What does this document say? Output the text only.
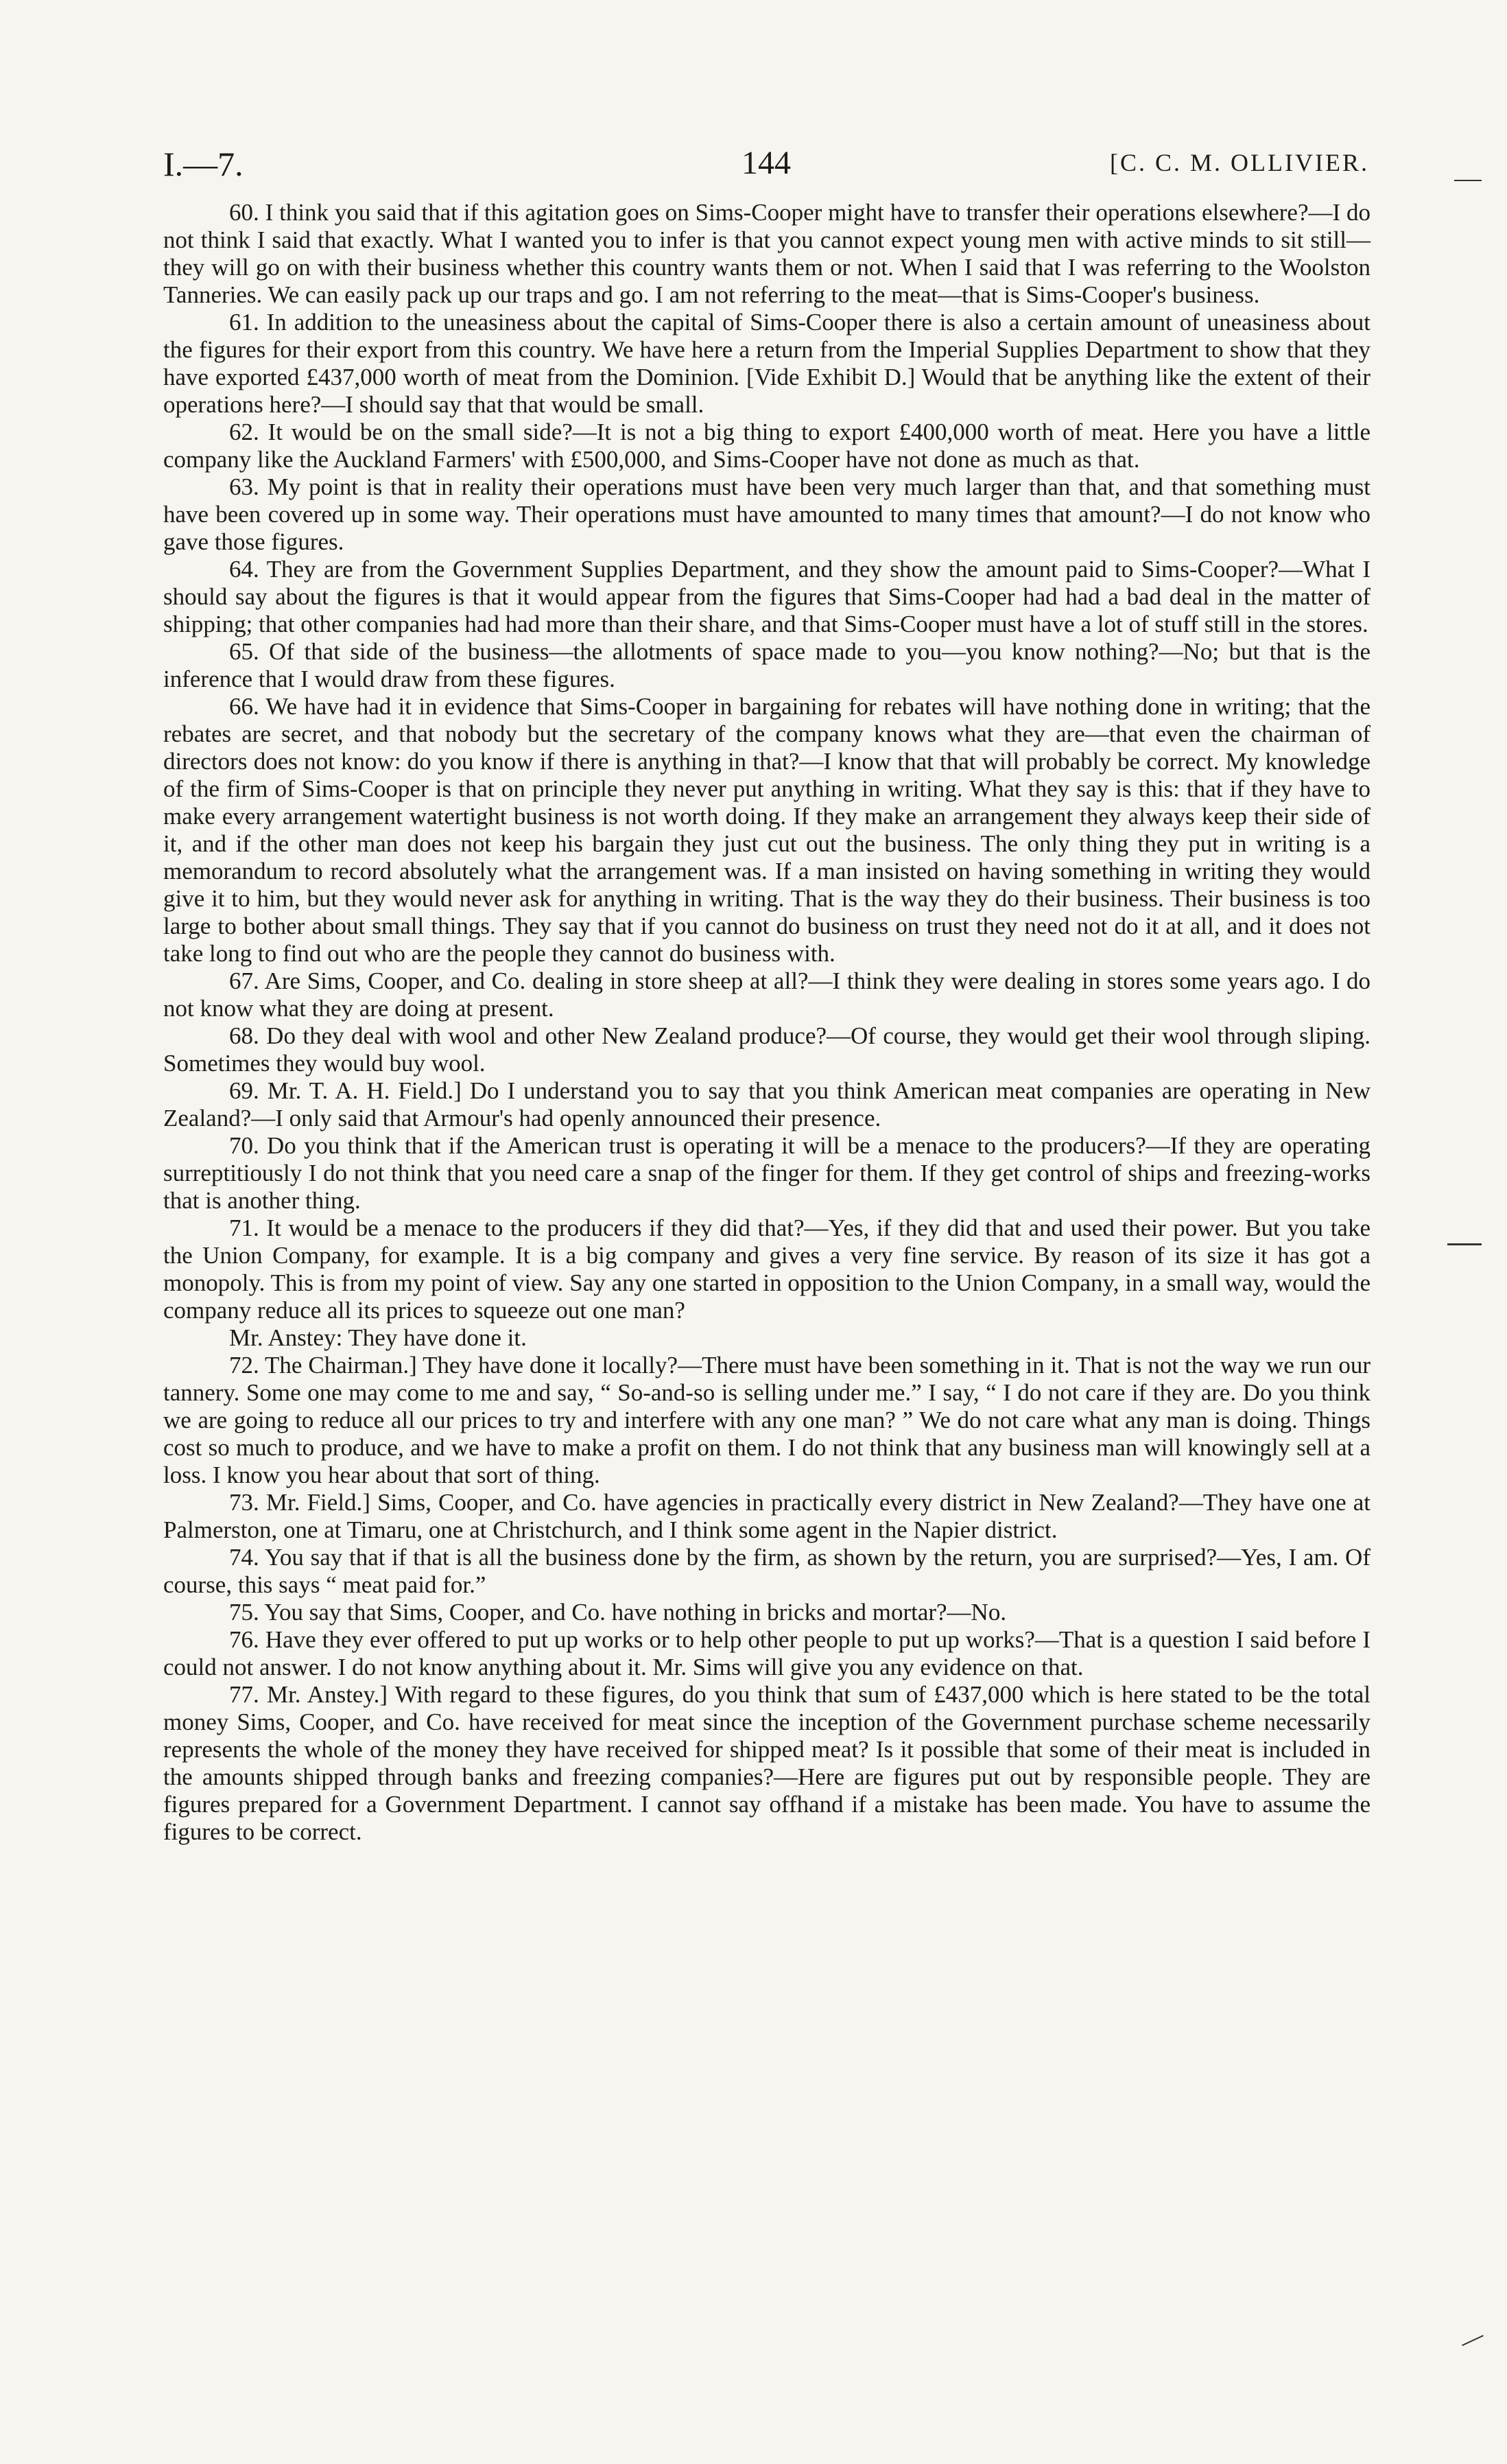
I.—7.	144	[C. C. M. OLLIVIER.

60. I think you said that if this agitation goes on Sims-Cooper might have to transfer their operations elsewhere?—I do not think I said that exactly. What I wanted you to infer is that you cannot expect young men with active minds to sit still—they will go on with their business whether this country wants them or not. When I said that I was referring to the Woolston Tanneries. We can easily pack up our traps and go. I am not referring to the meat—that is Sims-Cooper's business.

61. In addition to the uneasiness about the capital of Sims-Cooper there is also a certain amount of uneasiness about the figures for their export from this country. We have here a return from the Imperial Supplies Department to show that they have exported £437,000 worth of meat from the Dominion. [Vide Exhibit D.] Would that be anything like the extent of their operations here?—I should say that that would be small.

62. It would be on the small side?—It is not a big thing to export £400,000 worth of meat. Here you have a little company like the Auckland Farmers' with £500,000, and Sims-Cooper have not done as much as that.

63. My point is that in reality their operations must have been very much larger than that, and that something must have been covered up in some way. Their operations must have amounted to many times that amount?—I do not know who gave those figures.

64. They are from the Government Supplies Department, and they show the amount paid to Sims-Cooper?—What I should say about the figures is that it would appear from the figures that Sims-Cooper had had a bad deal in the matter of shipping; that other companies had had more than their share, and that Sims-Cooper must have a lot of stuff still in the stores.

65. Of that side of the business—the allotments of space made to you—you know nothing?—No; but that is the inference that I would draw from these figures.

66. We have had it in evidence that Sims-Cooper in bargaining for rebates will have nothing done in writing; that the rebates are secret, and that nobody but the secretary of the company knows what they are—that even the chairman of directors does not know: do you know if there is anything in that?—I know that that will probably be correct. My knowledge of the firm of Sims-Cooper is that on principle they never put anything in writing. What they say is this: that if they have to make every arrangement watertight business is not worth doing. If they make an arrangement they always keep their side of it, and if the other man does not keep his bargain they just cut out the business. The only thing they put in writing is a memorandum to record absolutely what the arrangement was. If a man insisted on having something in writing they would give it to him, but they would never ask for anything in writing. That is the way they do their business. Their business is too large to bother about small things. They say that if you cannot do business on trust they need not do it at all, and it does not take long to find out who are the people they cannot do business with.

67. Are Sims, Cooper, and Co. dealing in store sheep at all?—I think they were dealing in stores some years ago. I do not know what they are doing at present.

68. Do they deal with wool and other New Zealand produce?—Of course, they would get their wool through sliping. Sometimes they would buy wool.

69. Mr. T. A. H. Field.] Do I understand you to say that you think American meat companies are operating in New Zealand?—I only said that Armour's had openly announced their presence.

70. Do you think that if the American trust is operating it will be a menace to the producers?—If they are operating surreptitiously I do not think that you need care a snap of the finger for them. If they get control of ships and freezing-works that is another thing.

71. It would be a menace to the producers if they did that?—Yes, if they did that and used their power. But you take the Union Company, for example. It is a big company and gives a very fine service. By reason of its size it has got a monopoly. This is from my point of view. Say any one started in opposition to the Union Company, in a small way, would the company reduce all its prices to squeeze out one man?

Mr. Anstey: They have done it.

72. The Chairman.] They have done it locally?—There must have been something in it. That is not the way we run our tannery. Some one may come to me and say, “ So-and-so is selling under me.” I say, “ I do not care if they are. Do you think we are going to reduce all our prices to try and interfere with any one man? ” We do not care what any man is doing. Things cost so much to produce, and we have to make a profit on them. I do not think that any business man will knowingly sell at a loss. I know you hear about that sort of thing.

73. Mr. Field.] Sims, Cooper, and Co. have agencies in practically every district in New Zealand?—They have one at Palmerston, one at Timaru, one at Christchurch, and I think some agent in the Napier district.

74. You say that if that is all the business done by the firm, as shown by the return, you are surprised?—Yes, I am. Of course, this says “ meat paid for.”

75. You say that Sims, Cooper, and Co. have nothing in bricks and mortar?—No.

76. Have they ever offered to put up works or to help other people to put up works?—That is a question I said before I could not answer. I do not know anything about it. Mr. Sims will give you any evidence on that.

77. Mr. Anstey.] With regard to these figures, do you think that sum of £437,000 which is here stated to be the total money Sims, Cooper, and Co. have received for meat since the inception of the Government purchase scheme necessarily represents the whole of the money they have received for shipped meat? Is it possible that some of their meat is included in the amounts shipped through banks and freezing companies?—Here are figures put out by responsible people. They are figures prepared for a Government Department. I cannot say offhand if a mistake has been made. You have to assume the figures to be correct.
